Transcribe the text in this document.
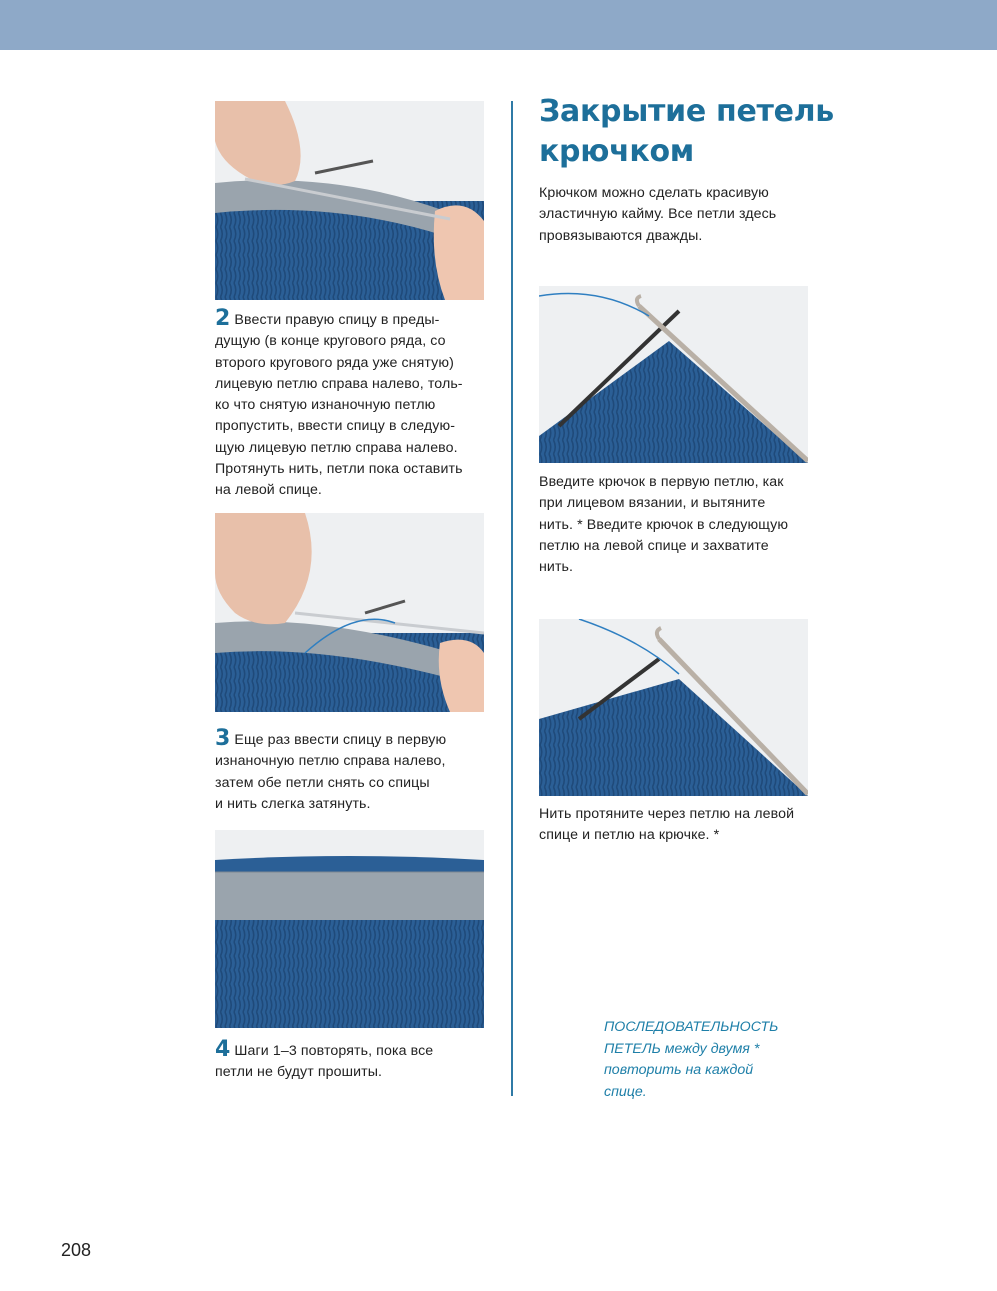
2 Ввести правую спицу в преды-
дущую (в конце кругового ряда, со
второго кругового ряда уже снятую)
лицевую петлю справа налево, толь-
ко что снятую изнаночную петлю
пропустить, ввести спицу в следую-
щую лицевую петлю справа налево.
Протянуть нить, петли пока оставить
на левой спице.
3 Еще раз ввести спицу в первую
изнаночную петлю справа налево,
затем обе петли снять со спицы
и нить слегка затянуть.
4 Шаги 1–3 повторять, пока все
петли не будут прошиты.
Закрытие петель
крючком
Крючком можно сделать красивую
эластичную кайму. Все петли здесь
провязываются дважды.
Введите крючок в первую петлю, как
при лицевом вязании, и вытяните
нить. * Введите крючок в следующую
петлю на левой спице и захватите
нить.
Нить протяните через петлю на левой
спице и петлю на крючке. *
ПОСЛЕДОВАТЕЛЬНОСТЬ
ПЕТЕЛЬ между двумя *
повторить на каждой
спице.
208
